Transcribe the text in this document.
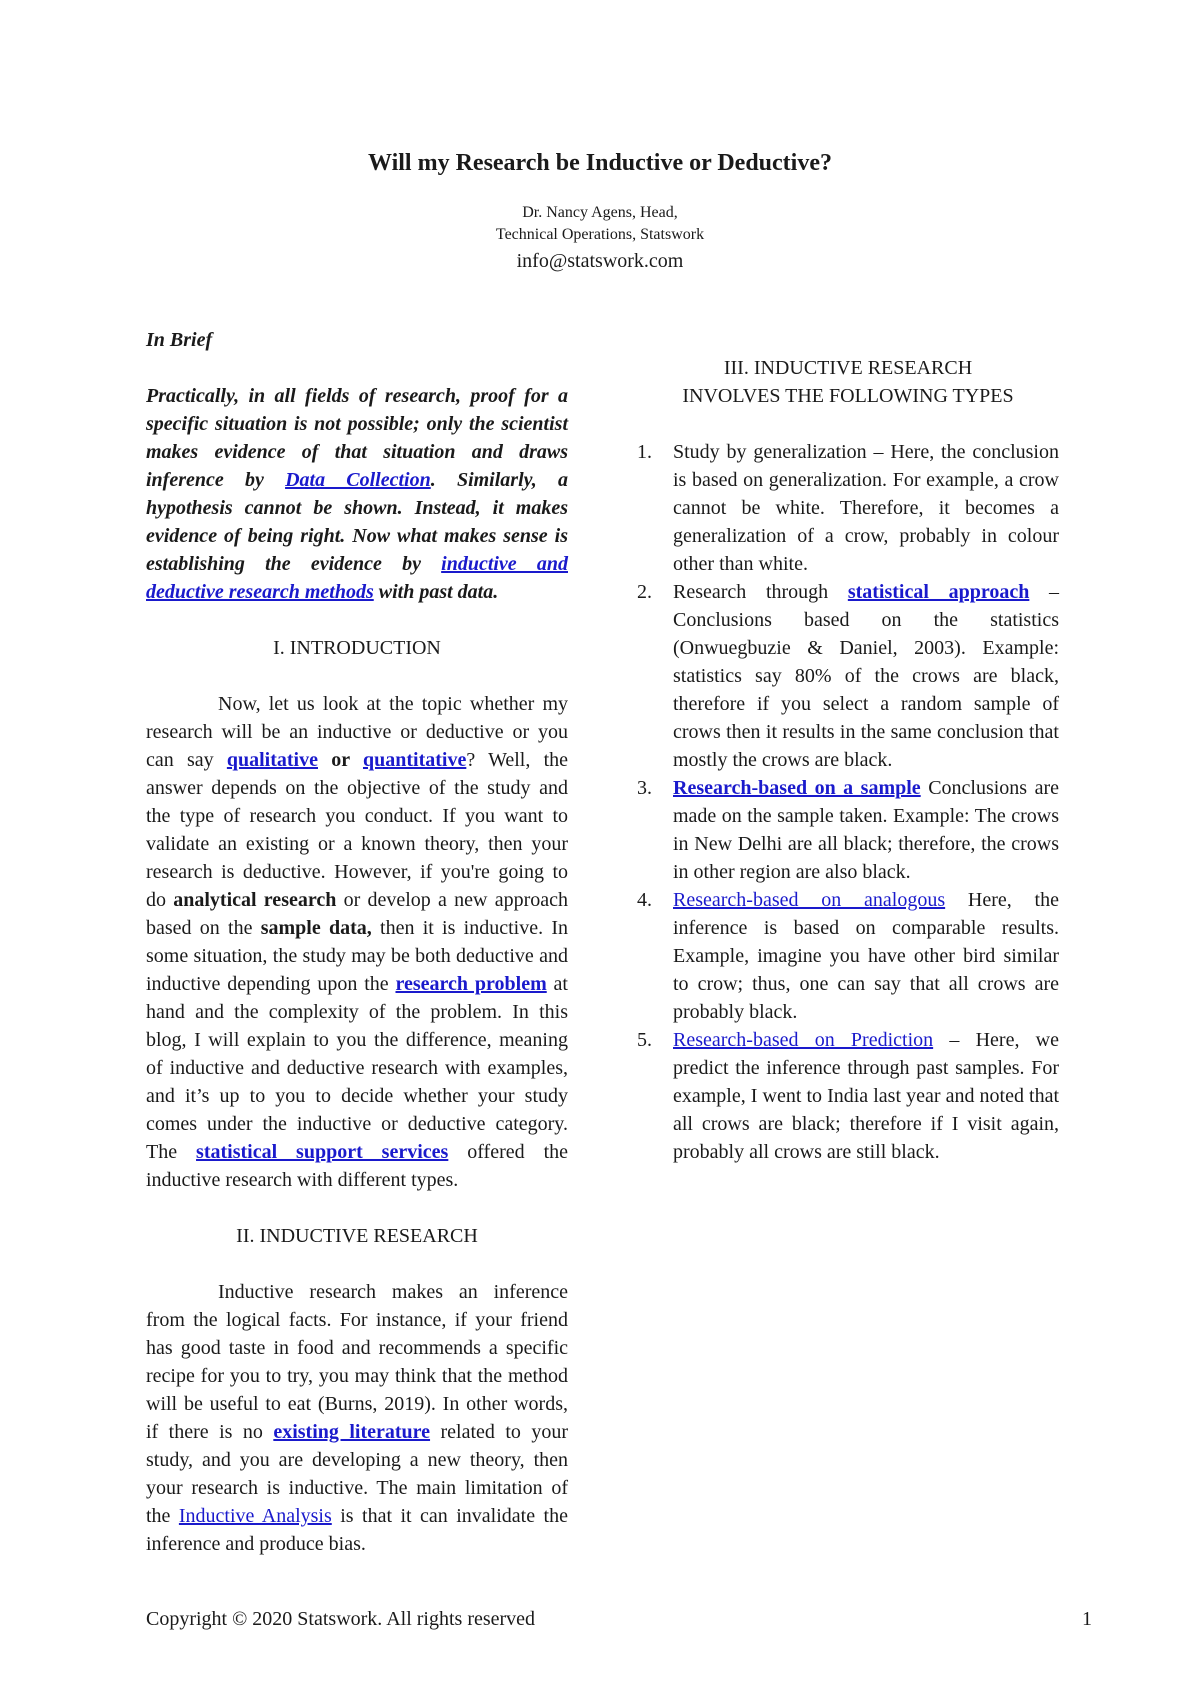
Will my Research be Inductive or Deductive?
Dr. Nancy Agens, Head,
Technical Operations, Statswork
info@statswork.com

In Brief

Practically, in all fields of research, proof for a specific situation is not possible; only the scientist makes evidence of that situation and draws inference by Data Collection. Similarly, a hypothesis cannot be shown. Instead, it makes evidence of being right. Now what makes sense is establishing the evidence by inductive and deductive research methods with past data.

I. INTRODUCTION

Now, let us look at the topic whether my research will be an inductive or deductive or you can say qualitative or quantitative? Well, the answer depends on the objective of the study and the type of research you conduct. If you want to validate an existing or a known theory, then your research is deductive. However, if you're going to do analytical research or develop a new approach based on the sample data, then it is inductive. In some situation, the study may be both deductive and inductive depending upon the research problem at hand and the complexity of the problem. In this blog, I will explain to you the difference, meaning of inductive and deductive research with examples, and it’s up to you to decide whether your study comes under the inductive or deductive category. The statistical support services offered the inductive research with different types.

II. INDUCTIVE RESEARCH

Inductive research makes an inference from the logical facts. For instance, if your friend has good taste in food and recommends a specific recipe for you to try, you may think that the method will be useful to eat (Burns, 2019). In other words, if there is no existing literature related to your study, and you are developing a new theory, then your research is inductive. The main limitation of the Inductive Analysis is that it can invalidate the inference and produce bias.

III. INDUCTIVE RESEARCH
INVOLVES THE FOLLOWING TYPES

1. Study by generalization – Here, the conclusion is based on generalization. For example, a crow cannot be white. Therefore, it becomes a generalization of a crow, probably in colour other than white.
2. Research through statistical approach – Conclusions based on the statistics (Onwuegbuzie & Daniel, 2003). Example: statistics say 80% of the crows are black, therefore if you select a random sample of crows then it results in the same conclusion that mostly the crows are black.
3. Research-based on a sample Conclusions are made on the sample taken. Example: The crows in New Delhi are all black; therefore, the crows in other region are also black.
4. Research-based on analogous Here, the inference is based on comparable results. Example, imagine you have other bird similar to crow; thus, one can say that all crows are probably black.
5. Research-based on Prediction – Here, we predict the inference through past samples. For example, I went to India last year and noted that all crows are black; therefore if I visit again, probably all crows are still black.
Copyright © 2020 Statswork. All rights reserved	1
